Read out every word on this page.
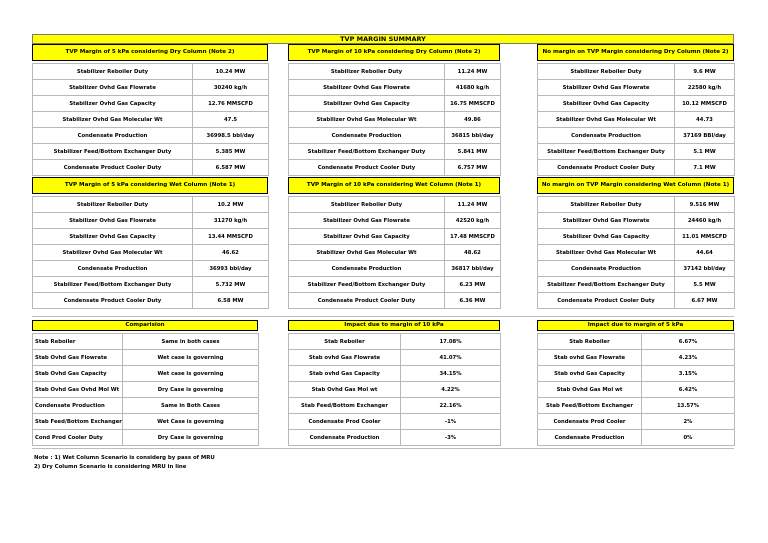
TVP MARGIN SUMMARY
TVP Margin of 5 kPa considering Dry Column (Note 2)	TVP Margin of 10 kPa considering Dry Column (Note 2)	No margin on TVP Margin considering Dry Column (Note 2)
Stabilizer Reboiler Duty	10.24 MW
Stabilizer Ovhd Gas Flowrate	30240 kg/h
Stabilizer Ovhd Gas Capacity	12.76 MMSCFD
Stabilizer Ovhd Gas Molecular Wt	47.5
Condensate Production	36998.5 bbl/day
Stabilizer Feed/Bottom Exchanger Duty	5.385 MW
Condensate Product Cooler Duty	6.587 MW
Stabilizer Reboiler Duty	11.24 MW
Stabilizer Ovhd Gas Flowrate	41680 kg/h
Stabilizer Ovhd Gas Capacity	16.75 MMSCFD
Stabilizer Ovhd Gas Molecular Wt	49.86
Condensate Production	36815 bbl/day
Stabilizer Feed/Bottom Exchanger Duty	5.841 MW
Condensate Product Cooler Duty	6.757 MW
Stabilizer Reboiler Duty	9.6 MW
Stabilizer Ovhd Gas Flowrate	22580 kg/h
Stabilizer Ovhd Gas Capacity	10.12 MMSCFD
Stabilizer Ovhd Gas Molecular Wt	44.73
Condensate Production	37169 BBl/day
Stabilizer Feed/Bottom Exchanger Duty	5.1 MW
Condensate Product Cooler Duty	7.1 MW
TVP Margin of 5 kPa considering Wet Column (Note 1)	TVP Margin of 10 kPa considering Wet Column (Note 1)	No margin on TVP Margin considering Wet Column (Note 1)
Stabilizer Reboiler Duty	10.2 MW
Stabilizer Ovhd Gas Flowrate	31270 kg/h
Stabilizer Ovhd Gas Capacity	13.44 MMSCFD
Stabilizer Ovhd Gas Molecular Wt	46.62
Condensate Production	36993 bbl/day
Stabilizer Feed/Bottom Exchanger Duty	5.732 MW
Condensate Product Cooler Duty	6.58 MW
Stabilizer Reboiler Duty	11.24 MW
Stabilizer Ovhd Gas Flowrate	42520 kg/h
Stabilizer Ovhd Gas Capacity	17.48 MMSCFD
Stabilizer Ovhd Gas Molecular Wt	48.62
Condensate Production	36817 bbl/day
Stabilizer Feed/Bottom Exchanger Duty	6.23 MW
Condensate Product Cooler Duty	6.36 MW
Stabilizer Reboiler Duty	9.516 MW
Stabilizer Ovhd Gas Flowrate	24460 kg/h
Stabilizer Ovhd Gas Capacity	11.01 MMSCFD
Stabilizer Ovhd Gas Molecular Wt	44.64
Condensate Production	37142 bbl/day
Stabilizer Feed/Bottom Exchanger Duty	5.5 MW
Condensate Product Cooler Duty	6.67 MW
Comparision
Stab Reboiler	Same in both cases
Stab Ovhd Gas Flowrate	Wet case is governing
Stab Ovhd Gas Capacity	Wet case is governing
Stab Ovhd Gas Ovhd Mol Wt	Dry Case is governing
Condensate Production	Same in Both Cases
Stab Feed/Bottom Exchanger	Wet Case is governing
Cond Prod Cooler Duty	Dry Case is governing
Impact due to margin of 10 kPa
Stab Reboiler	17.08%
Stab ovhd Gas Flowrate	41.07%
Stab ovhd Gas Capacity	34.15%
Stab Ovhd Gas Mol wt	4.22%
Stab Feed/Bottom Exchanger	22.16%
Condensate Prod Cooler	-1%
Condensate Production	-3%
Impact due to margin of 5 kPa
Stab Reboiler	6.67%
Stab ovhd Gas Flowrate	4.23%
Stab ovhd Gas Capacity	3.15%
Stab Ovhd Gas Mol wt	6.42%
Stab Feed/Bottom Exchanger	13.57%
Condensate Prod Cooler	2%
Condensate Production	0%
Note : 1) Wet Column Scenario is considerg by pass of MRU
2) Dry Column Scenario is considering MRU in line
